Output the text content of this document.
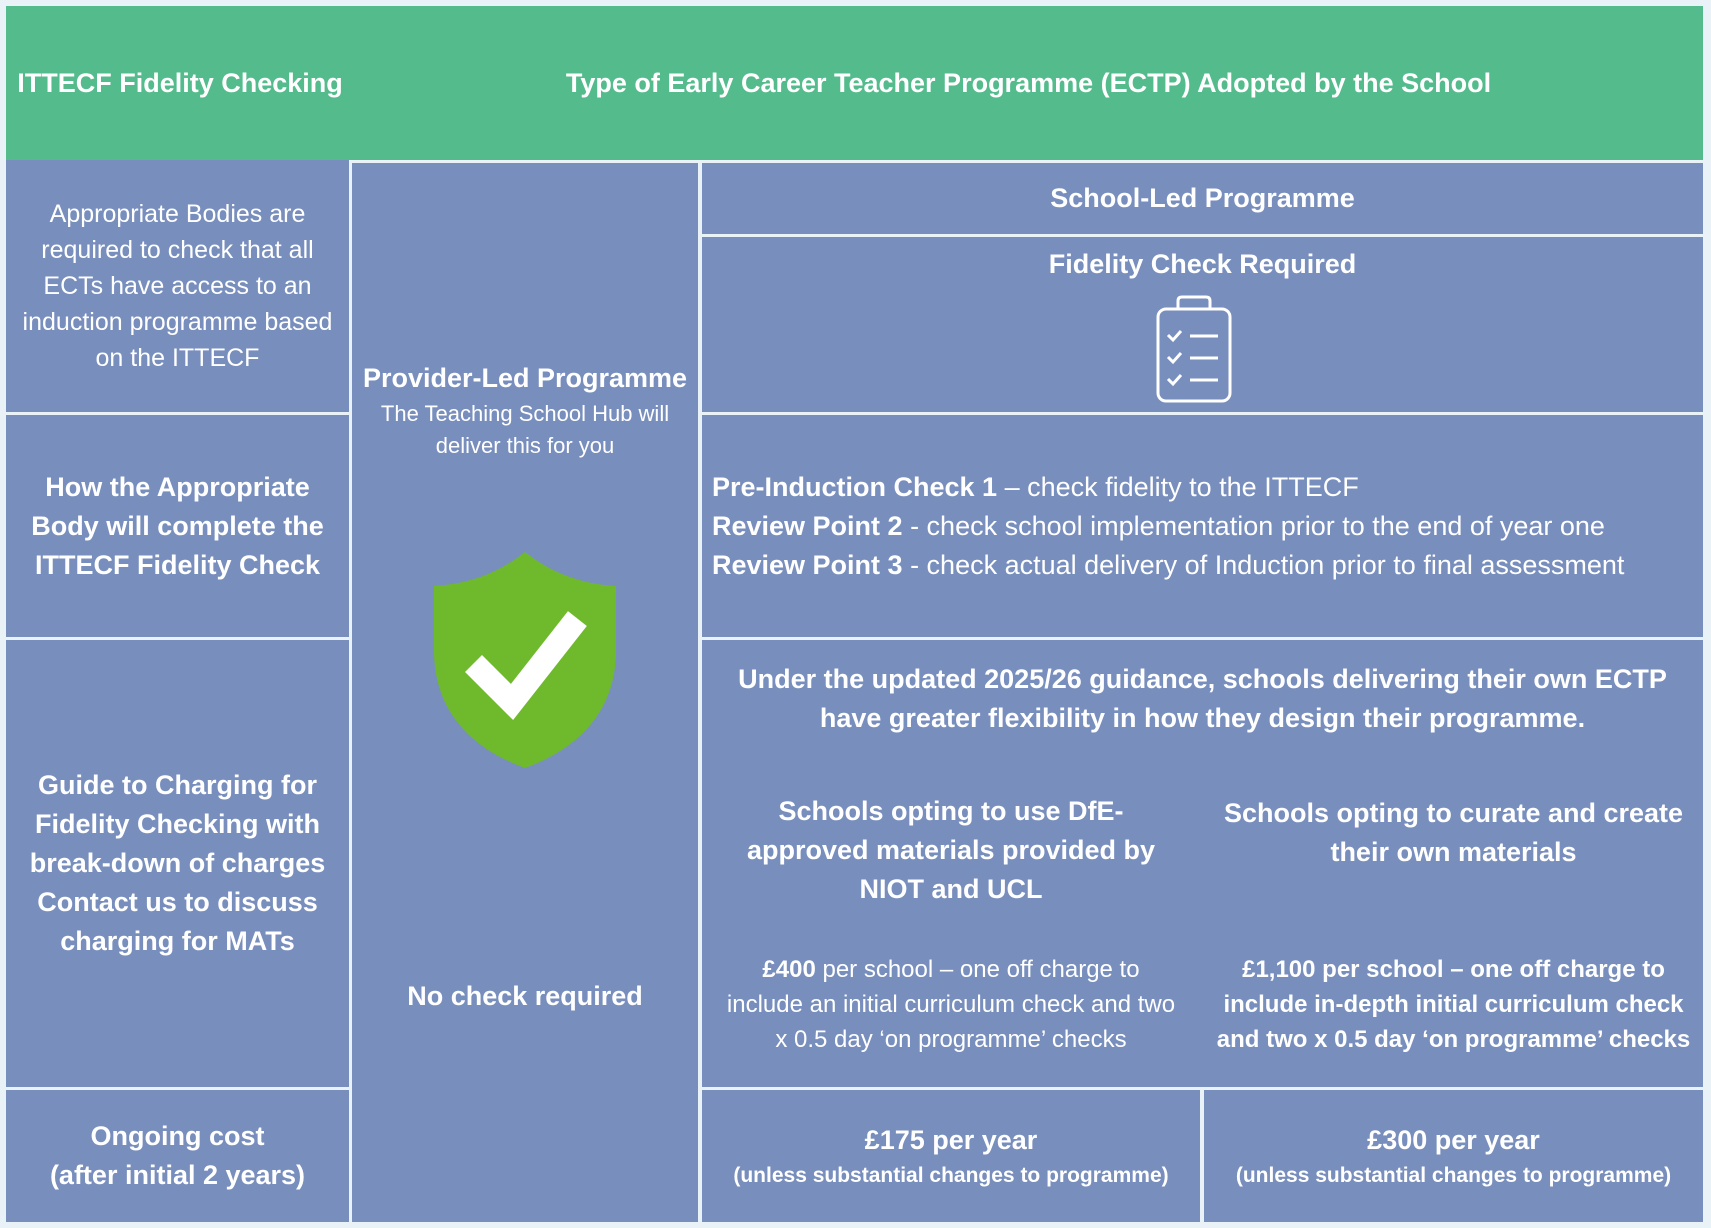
ITTECF Fidelity Checking	Type of Early Career Teacher Programme (ECTP) Adopted by the School
Appropriate Bodies are required to check that all ECTs have access to an induction programme based on the ITTECF
How the Appropriate Body will complete the ITTECF Fidelity Check
Guide to Charging for Fidelity Checking with break-down of charges
Contact us to discuss charging for MATs
Ongoing cost
(after initial 2 years)
Provider-Led Programme
The Teaching School Hub will deliver this for you
No check required
School-Led Programme
Fidelity Check Required
Pre-Induction Check 1 – check fidelity to the ITTECF
Review Point 2 - check school implementation prior to the end of year one
Review Point 3 - check actual delivery of Induction prior to final assessment
Under the updated 2025/26 guidance, schools delivering their own ECTP have greater flexibility in how they design their programme.
Schools opting to use DfE-approved materials provided by NIOT and UCL
Schools opting to curate and create their own materials
£400 per school – one off charge to include an initial curriculum check and two x 0.5 day ‘on programme’ checks
£1,100 per school – one off charge to include in-depth initial curriculum check and two x 0.5 day ‘on programme’ checks
£175 per year
(unless substantial changes to programme)
£300 per year
(unless substantial changes to programme)
